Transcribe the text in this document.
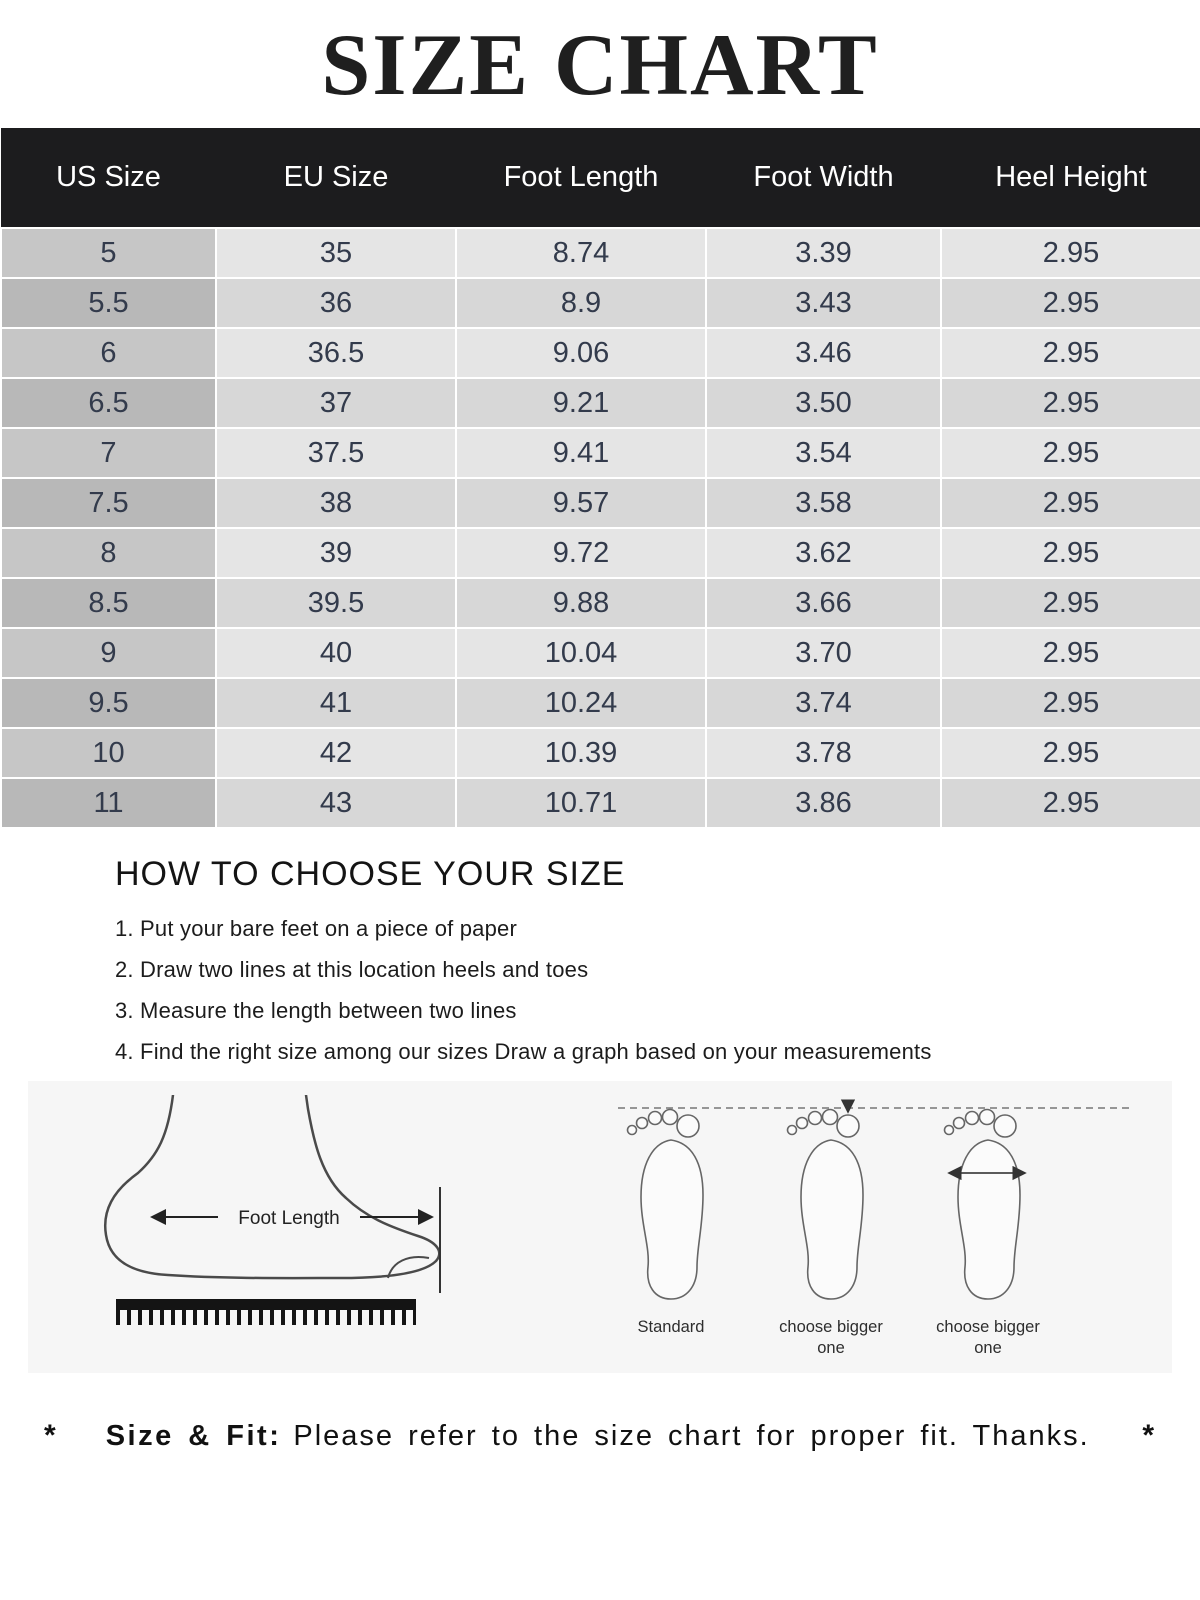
SIZE CHART
US Size	EU Size	Foot Length	Foot Width	Heel Height
5	35	8.74	3.39	2.95
5.5	36	8.9	3.43	2.95
6	36.5	9.06	3.46	2.95
6.5	37	9.21	3.50	2.95
7	37.5	9.41	3.54	2.95
7.5	38	9.57	3.58	2.95
8	39	9.72	3.62	2.95
8.5	39.5	9.88	3.66	2.95
9	40	10.04	3.70	2.95
9.5	41	10.24	3.74	2.95
10	42	10.39	3.78	2.95
11	43	10.71	3.86	2.95
HOW TO CHOOSE YOUR SIZE
1. Put your bare feet on a piece of paper
2. Draw two lines at this location heels and toes
3. Measure the length between two lines
4. Find the right size among our sizes Draw a graph based on your measurements
Foot Length
Standard	choose bigger one
choose bigger one
* Size & Fit: Please refer to the size chart for proper fit. Thanks. *
